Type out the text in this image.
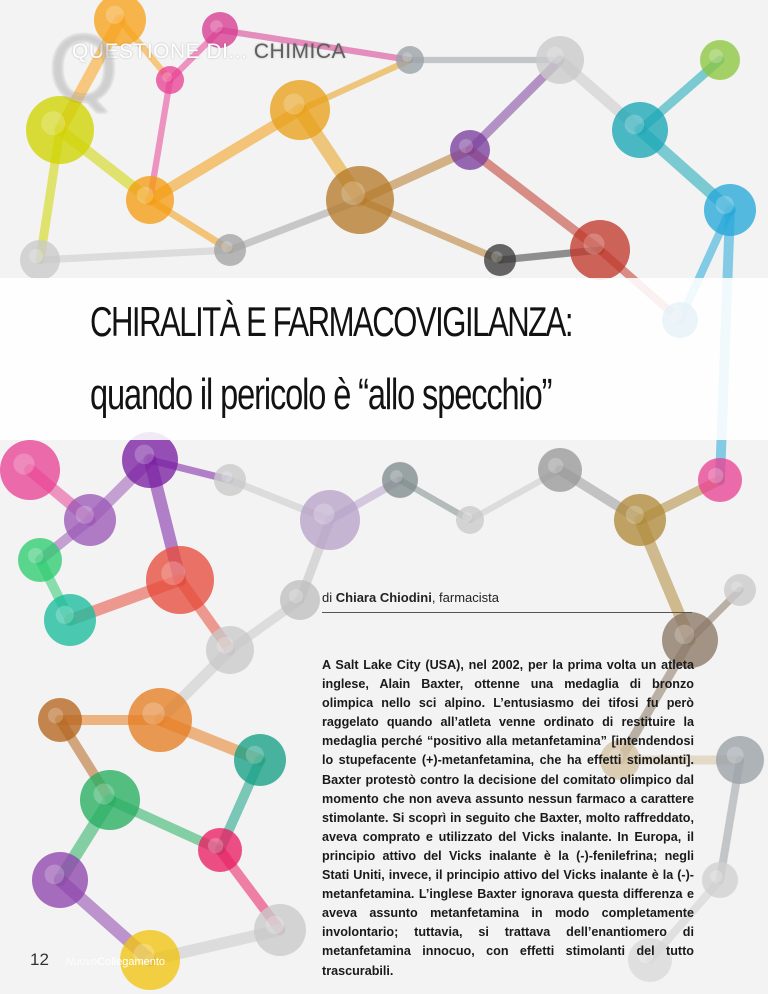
Q
QUESTIONE DI... CHIMICA
CHIRALITÀ E FARMACOVIGILANZA:
quando il pericolo è “allo specchio”
di Chiara Chiodini, farmacista
A Salt Lake City (USA), nel 2002, per la prima volta un atleta inglese, Alain Baxter, ottenne una medaglia di bronzo olimpica nello sci alpino. L’entusiasmo dei tifosi fu però raggelato quando all’atleta venne ordinato di restituire la medaglia perché “positivo alla metanfetamina” [intendendosi lo stupefacente (+)-metanfetamina, che ha effetti stimolanti]. Baxter protestò contro la decisione del comitato olimpico dal momento che non aveva assunto nessun farmaco a carattere stimolante. Si scoprì in seguito che Baxter, molto raffreddato, aveva comprato e utilizzato del Vicks inalante. In Europa, il principio attivo del Vicks inalante è la (-)-fenilefrina; negli Stati Uniti, invece, il principio attivo del Vicks inalante è la (-)-metanfetamina. L’inglese Baxter ignorava questa differenza e aveva assunto metanfetamina in modo completamente involontario; tuttavia, si trattava dell’enantiomero di metanfetamina innocuo, con effetti stimolanti del tutto trascurabili.
12 NuovoCollegamento
